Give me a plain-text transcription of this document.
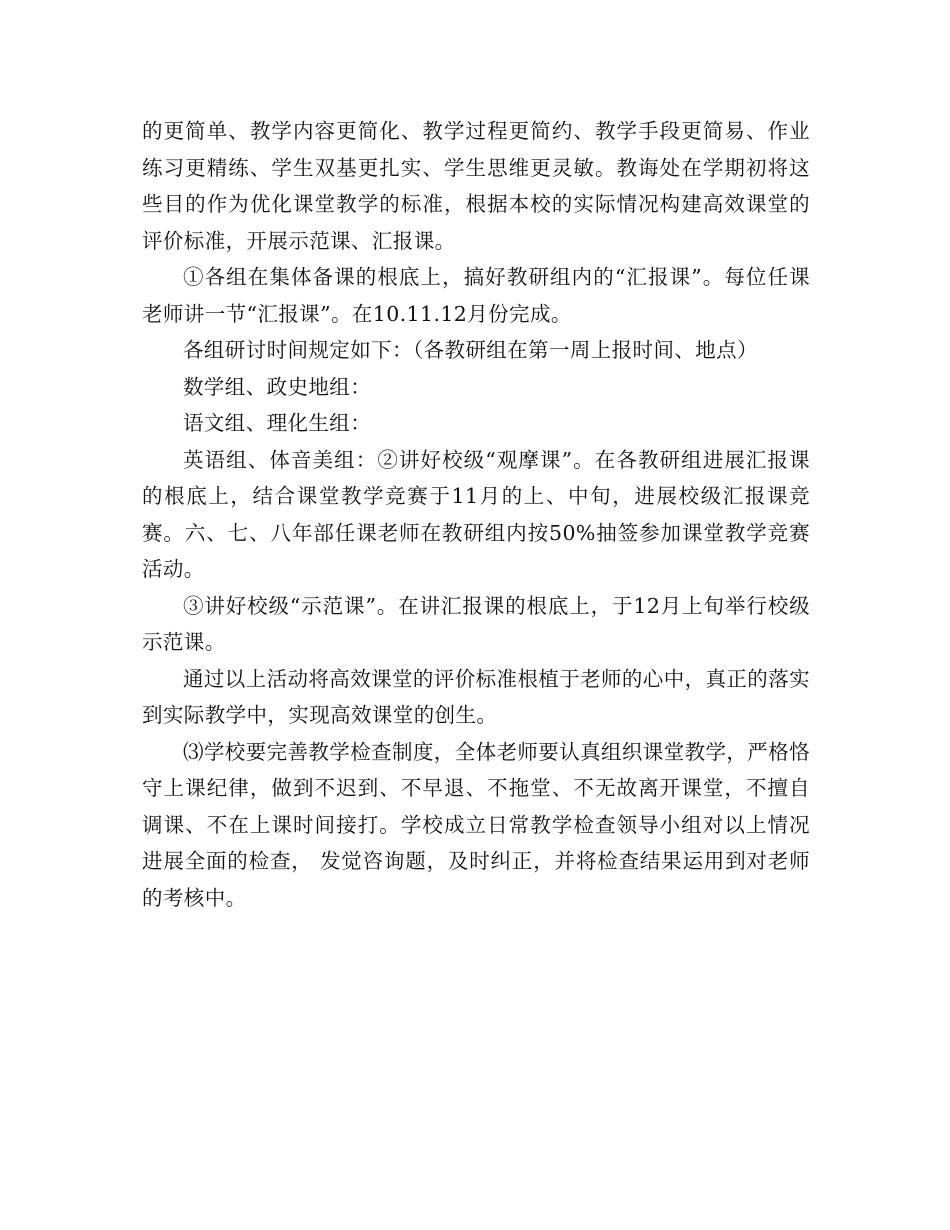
的更简单、教学内容更简化、教学过程更简约、教学手段更简易、作业练习更精练、学生双基更扎实、学生思维更灵敏。教诲处在学期初将这些目的作为优化课堂教学的标准，根据本校的实际情况构建高效课堂的评价标准，开展示范课、汇报课。

①各组在集体备课的根底上，搞好教研组内的“汇报课”。每位任课老师讲一节“汇报课”。在10.11.12月份完成。

各组研讨时间规定如下：（各教研组在第一周上报时间、地点）

数学组、政史地组：

语文组、理化生组：

英语组、体音美组：②讲好校级“观摩课”。在各教研组进展汇报课的根底上，结合课堂教学竞赛于11月的上、中旬，进展校级汇报课竞赛。六、七、八年部任课老师在教研组内按50%抽签参加课堂教学竞赛活动。

③讲好校级“示范课”。在讲汇报课的根底上，于12月上旬举行校级示范课。

通过以上活动将高效课堂的评价标准根植于老师的心中，真正的落实到实际教学中，实现高效课堂的创生。

⑶学校要完善教学检查制度，全体老师要认真组织课堂教学，严格恪守上课纪律，做到不迟到、不早退、不拖堂、不无故离开课堂，不擅自调课、不在上课时间接打。学校成立日常教学检查领导小组对以上情况进展全面的检查， 发觉咨询题，及时纠正，并将检查结果运用到对老师的考核中。
